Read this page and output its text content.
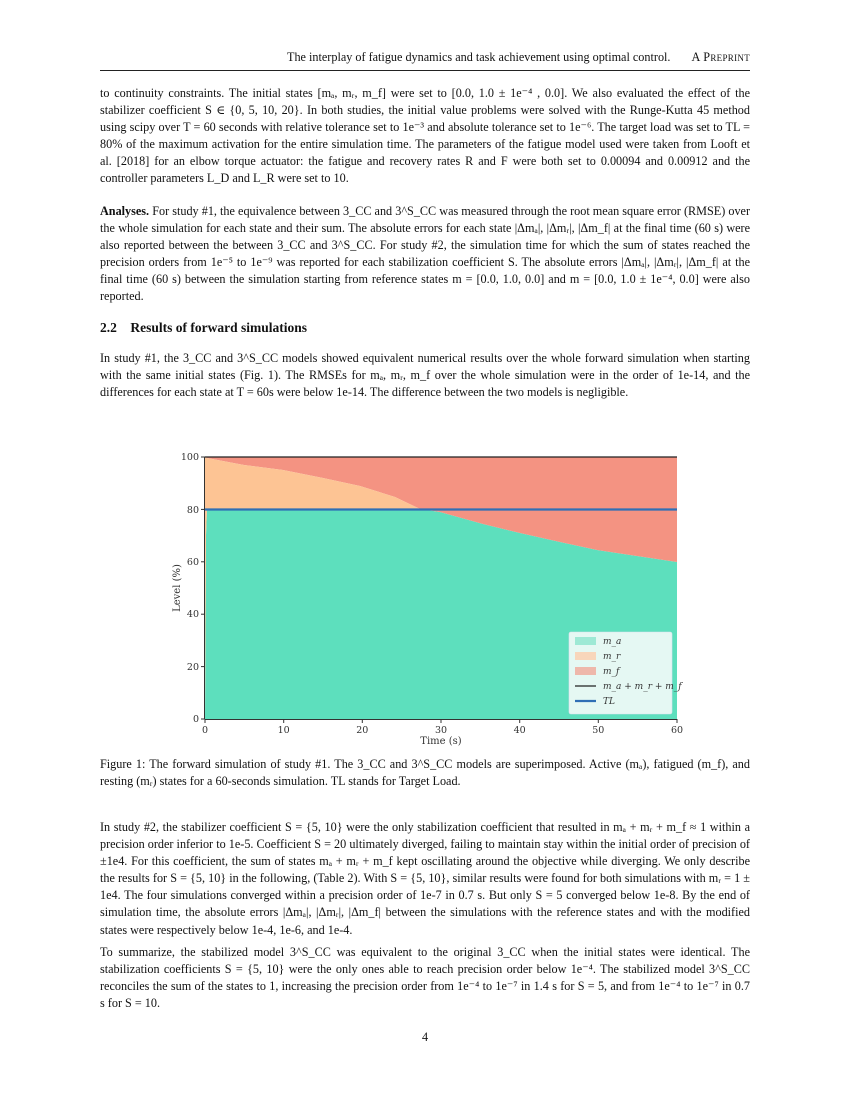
The interplay of fatigue dynamics and task achievement using optimal control. A Preprint

to continuity constraints. The initial states [mₐ, mᵣ, m_f] were set to [0.0, 1.0 ± 1e⁻⁴ , 0.0]. We also evaluated the effect of the stabilizer coefficient S ∈ {0, 5, 10, 20}. In both studies, the initial value problems were solved with the Runge-Kutta 45 method using scipy over T = 60 seconds with relative tolerance set to 1e⁻³ and absolute tolerance set to 1e⁻⁶. The target load was set to TL = 80% of the maximum activation for the entire simulation time. The parameters of the fatigue model used were taken from Looft et al. [2018] for an elbow torque actuator: the fatigue and recovery rates R and F were both set to 0.00094 and 0.00912 and the controller parameters L_D and L_R were set to 10.

Analyses. For study #1, the equivalence between 3_CC and 3^S_CC was measured through the root mean square error (RMSE) over the whole simulation for each state and their sum. The absolute errors for each state |Δmₐ|, |Δmᵣ|, |Δm_f| at the final time (60 s) were also reported between the between 3_CC and 3^S_CC. For study #2, the simulation time for which the sum of states reached the precision orders from 1e⁻⁵ to 1e⁻⁹ was reported for each stabilization coefficient S. The absolute errors |Δmₐ|, |Δmᵣ|, |Δm_f| at the final time (60 s) between the simulation starting from reference states m = [0.0, 1.0, 0.0] and m = [0.0, 1.0 ± 1e⁻⁴, 0.0] were also reported.

2.2 Results of forward simulations

In study #1, the 3_CC and 3^S_CC models showed equivalent numerical results over the whole forward simulation when starting with the same initial states (Fig. 1). The RMSEs for mₐ, mᵣ, m_f over the whole simulation were in the order of 1e-14, and the differences for each state at T = 60s were below 1e-14. The difference between the two models is negligible.

0
20
40
60
80
100
0	10	20	30	40	50	60
Time (s)
Level (%)
m_a
m_r
m_f
m_a + m_r + m_f
TL
Figure 1: The forward simulation of study #1. The 3_CC and 3^S_CC models are superimposed. Active (mₐ), fatigued (m_f), and resting (mᵣ) states for a 60-seconds simulation. TL stands for Target Load.

In study #2, the stabilizer coefficient S = {5, 10} were the only stabilization coefficient that resulted in mₐ + mᵣ + m_f ≈ 1 within a precision order inferior to 1e-5. Coefficient S = 20 ultimately diverged, failing to maintain stay within the initial order of precision of ±1e4. For this coefficient, the sum of states mₐ + mᵣ + m_f kept oscillating around the objective while diverging. We only describe the results for S = {5, 10} in the following, (Table 2). With S = {5, 10}, similar results were found for both simulations with mᵣ = 1 ± 1e4. The four simulations converged within a precision order of 1e-7 in 0.7 s. But only S = 5 converged below 1e-8. By the end of simulation time, the absolute errors |Δmₐ|, |Δmᵣ|, |Δm_f| between the simulations with the reference states and with the modified states were respectively below 1e-4, 1e-6, and 1e-4.

To summarize, the stabilized model 3^S_CC was equivalent to the original 3_CC when the initial states were identical. The stabilization coefficients S = {5, 10} were the only ones able to reach precision order below 1e⁻⁴. The stabilized model 3^S_CC reconciles the sum of the states to 1, increasing the precision order from 1e⁻⁴ to 1e⁻⁷ in 1.4 s for S = 5, and from 1e⁻⁴ to 1e⁻⁷ in 0.7 s for S = 10.

4
